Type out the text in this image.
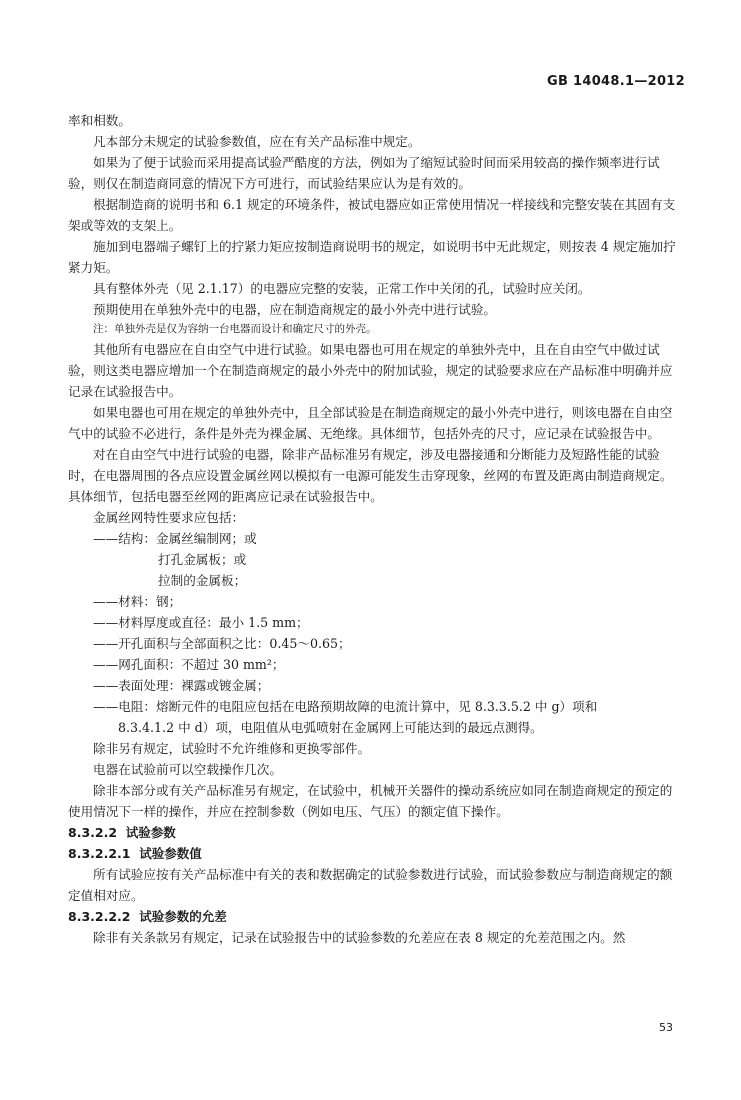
GB 14048.1—2012

率和相数。

凡本部分未规定的试验参数值，应在有关产品标准中规定。

如果为了便于试验而采用提高试验严酷度的方法，例如为了缩短试验时间而采用较高的操作频率进行试验，则仅在制造商同意的情况下方可进行，而试验结果应认为是有效的。

根据制造商的说明书和 6.1 规定的环境条件，被试电器应如正常使用情况一样接线和完整安装在其固有支架或等效的支架上。

施加到电器端子螺钉上的拧紧力矩应按制造商说明书的规定，如说明书中无此规定，则按表 4 规定施加拧紧力矩。

具有整体外壳（见 2.1.17）的电器应完整的安装，正常工作中关闭的孔，试验时应关闭。

预期使用在单独外壳中的电器，应在制造商规定的最小外壳中进行试验。

注：单独外壳是仅为容纳一台电器而设计和确定尺寸的外壳。

其他所有电器应在自由空气中进行试验。如果电器也可用在规定的单独外壳中，且在自由空气中做过试验，则这类电器应增加一个在制造商规定的最小外壳中的附加试验，规定的试验要求应在产品标准中明确并应记录在试验报告中。

如果电器也可用在规定的单独外壳中，且全部试验是在制造商规定的最小外壳中进行，则该电器在自由空气中的试验不必进行，条件是外壳为裸金属、无绝缘。具体细节，包括外壳的尺寸，应记录在试验报告中。

对在自由空气中进行试验的电器，除非产品标准另有规定，涉及电器接通和分断能力及短路性能的试验时，在电器周围的各点应设置金属丝网以模拟有一电源可能发生击穿现象，丝网的布置及距离由制造商规定。具体细节，包括电器至丝网的距离应记录在试验报告中。

金属丝网特性要求应包括：

——结构：金属丝编制网；或

打孔金属板；或

拉制的金属板；

——材料：钢；

——材料厚度或直径：最小 1.5 mm；

——开孔面积与全部面积之比：0.45～0.65；

——网孔面积：不超过 30 mm²；

——表面处理：裸露或镀金属；

——电阻：熔断元件的电阻应包括在电路预期故障的电流计算中，见 8.3.3.5.2 中 g）项和

8.3.4.1.2 中 d）项，电阻值从电弧喷射在金属网上可能达到的最远点测得。

除非另有规定，试验时不允许维修和更换零部件。

电器在试验前可以空载操作几次。

除非本部分或有关产品标准另有规定，在试验中，机械开关器件的操动系统应如同在制造商规定的预定的使用情况下一样的操作，并应在控制参数（例如电压、气压）的额定值下操作。

8.3.2.2 试验参数

8.3.2.2.1 试验参数值

所有试验应按有关产品标准中有关的表和数据确定的试验参数进行试验，而试验参数应与制造商规定的额定值相对应。

8.3.2.2.2 试验参数的允差

除非有关条款另有规定，记录在试验报告中的试验参数的允差应在表 8 规定的允差范围之内。然

53
